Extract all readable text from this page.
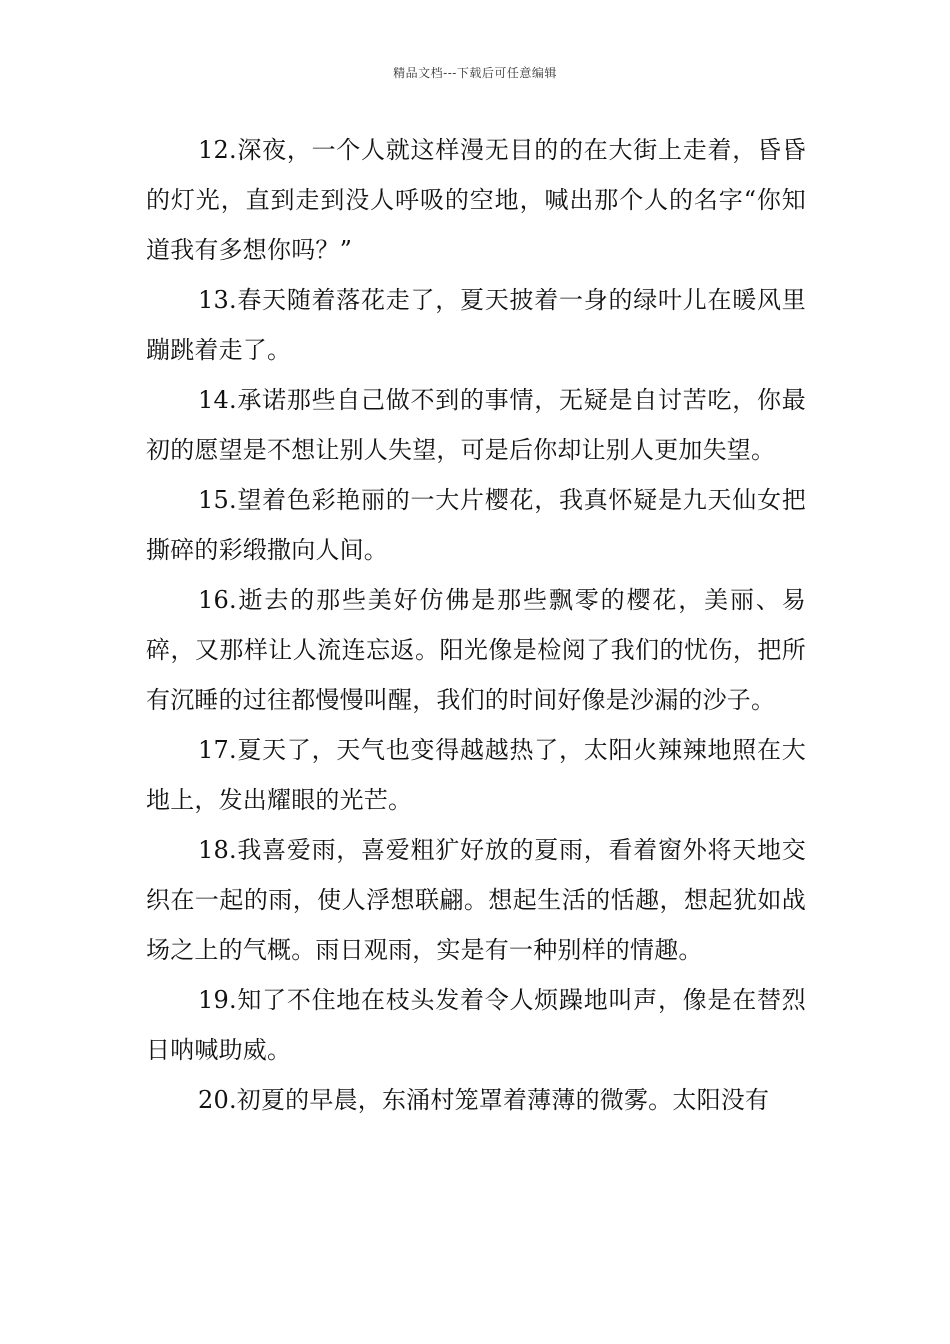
精品文档---下载后可任意编辑

12.深夜，一个人就这样漫无目的的在大街上走着，昏昏的灯光，直到走到没人呼吸的空地，喊出那个人的名字“你知道我有多想你吗？”

13.春天随着落花走了，夏天披着一身的绿叶儿在暖风里蹦跳着走了。

14.承诺那些自己做不到的事情，无疑是自讨苦吃，你最初的愿望是不想让别人失望，可是后你却让别人更加失望。

15.望着色彩艳丽的一大片樱花，我真怀疑是九天仙女把撕碎的彩缎撒向人间。

16.逝去的那些美好仿佛是那些飘零的樱花，美丽、易碎，又那样让人流连忘返。阳光像是检阅了我们的忧伤，把所有沉睡的过往都慢慢叫醒，我们的时间好像是沙漏的沙子。

17.夏天了，天气也变得越越热了，太阳火辣辣地照在大地上，发出耀眼的光芒。

18.我喜爱雨，喜爱粗犷好放的夏雨，看着窗外将天地交织在一起的雨，使人浮想联翩。想起生活的恬趣，想起犹如战场之上的气概。雨日观雨，实是有一种别样的情趣。

19.知了不住地在枝头发着令人烦躁地叫声，像是在替烈日呐喊助威。

20.初夏的早晨，东涌村笼罩着薄薄的微雾。太阳没有
